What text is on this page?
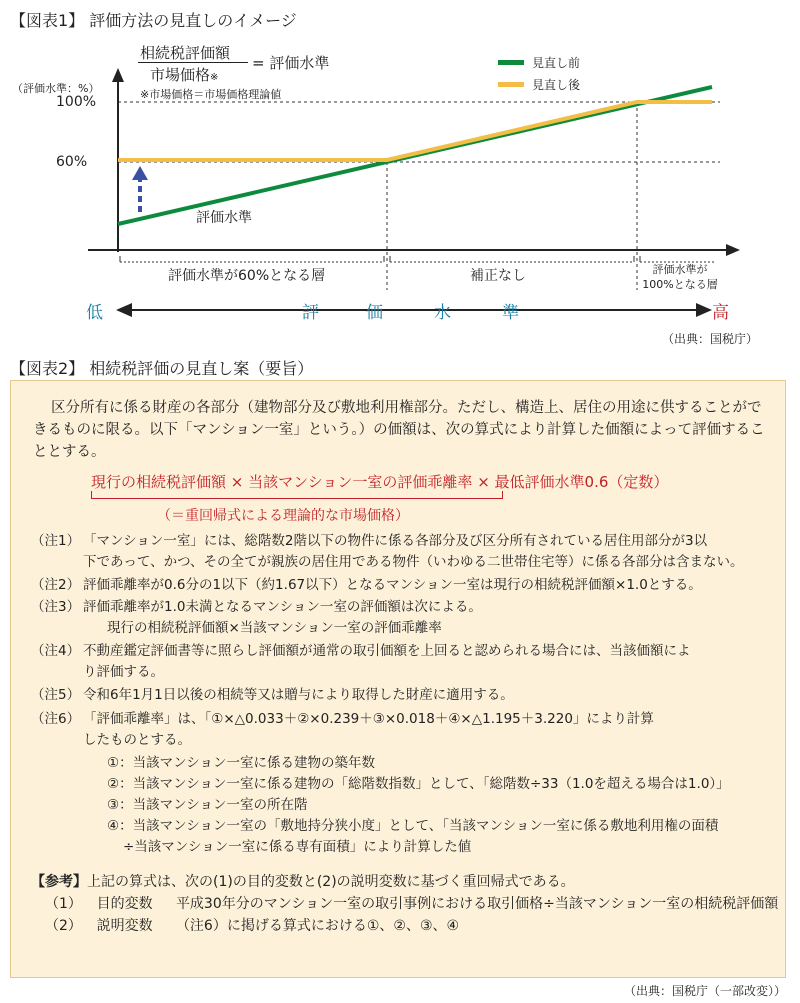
【図表1】 評価方法の見直しのイメージ
相続税評価額
市場価格※
= 評価水準
※市場価格＝市場価格理論値
（評価水準：%）
100%
60%
見直し前
見直し後
評価水準
評価水準が60%となる層	補正なし	評価水準が
100%となる層
低	高
評	価	水	準
（出典：国税庁）
【図表2】 相続税評価の見直し案（要旨）
区分所有に係る財産の各部分（建物部分及び敷地利用権部分。ただし、構造上、居住の用途に供することができるものに限る。以下「マンション一室」という。）の価額は、次の算式により計算した価額によって評価することとする。
現行の相続税評価額 × 当該マンション一室の評価乖離率 × 最低評価水準0.6（定数）
（＝重回帰式による理論的な市場価格）
（注1） 「マンション一室」には、総階数2階以下の物件に係る各部分及び区分所有されている居住用部分が3以
下であって、かつ、その全てが親族の居住用である物件（いわゆる二世帯住宅等）に係る各部分は含まない。
（注2） 評価乖離率が0.6分の1以下（約1.67以下）となるマンション一室は現行の相続税評価額×1.0とする。
（注3） 評価乖離率が1.0未満となるマンション一室の評価額は次による。
現行の相続税評価額×当該マンション一室の評価乖離率
（注4） 不動産鑑定評価書等に照らし評価額が通常の取引価額を上回ると認められる場合には、当該価額によ
り評価する。
（注5） 令和6年1月1日以後の相続等又は贈与により取得した財産に適用する。
（注6） 「評価乖離率」は、「①×△0.033＋②×0.239＋③×0.018＋④×△1.195＋3.220」により計算
したものとする。
①：当該マンション一室に係る建物の築年数
②：当該マンション一室に係る建物の「総階数指数」として、「総階数÷33（1.0を超える場合は1.0）」
③：当該マンション一室の所在階
④：当該マンション一室の「敷地持分狭小度」として、「当該マンション一室に係る敷地利用権の面積
÷当該マンション一室に係る専有面積」により計算した値
【参考】上記の算式は、次の(1)の目的変数と(2)の説明変数に基づく重回帰式である。
（1）	目的変数	平成30年分のマンション一室の取引事例における取引価格÷当該マンション一室の相続税評価額
（2）	説明変数	（注6）に掲げる算式における①、②、③、④
（出典：国税庁（一部改変））
